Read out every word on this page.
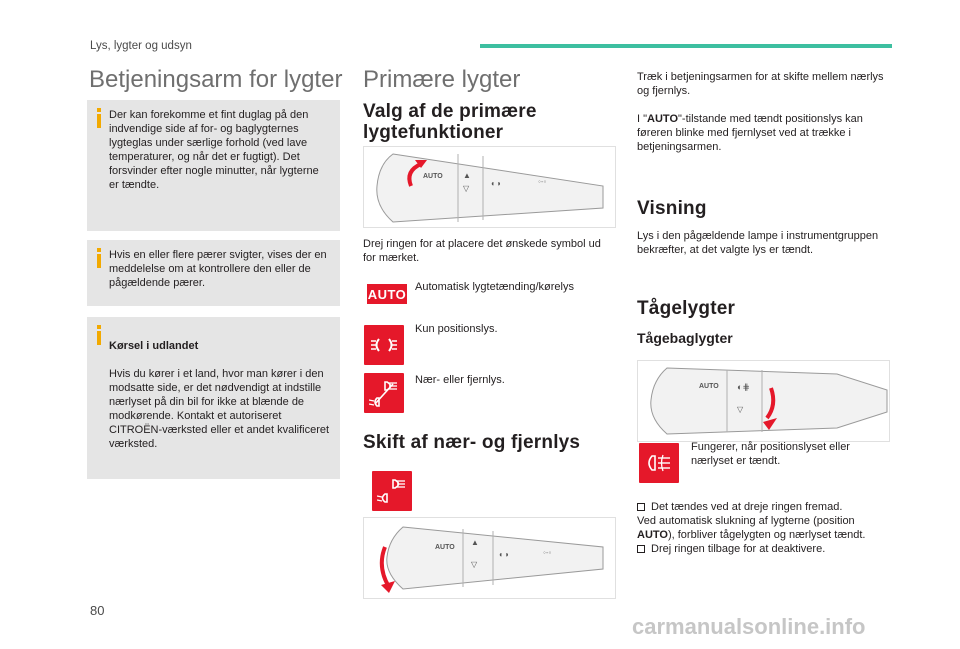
Lys, lygter og udsyn
Betjeningsarm for lygter
Der kan forekomme et fint duglag på den indvendige side af for- og baglygternes lygteglas under særlige forhold (ved lave temperaturer, og når det er fugtigt). Det forsvinder efter nogle minutter, når lygterne er tændte.
Hvis en eller flere pærer svigter, vises der en meddelelse om at kontrollere den eller de pågældende pærer.

Kørsel i udlandet

Hvis du kører i et land, hvor man kører i den modsatte side, er det nødvendigt at indstille nærlyset på din bil for ikke at blænde de modkørende. Kontakt et autoriseret CITROËN-værksted eller et andet kvalificeret værksted.

Primære lygter
Valg af de primære lygtefunktioner
AUTO	▲
▽
◐◑	◦-◦
Drej ringen for at placere det ønskede symbol ud for mærket.
AUTO Automatisk lygtetænding/kørelys
Kun positionslys.
Nær- eller fjernlys.
Skift af nær- og fjernlys
AUTO
▲
▽
◐◑	◦-◦
Træk i betjeningsarmen for at skifte mellem nærlys og fjernlys.
I "AUTO"-tilstande med tændt positionslys kan føreren blinke med fjernlyset ved at trække i betjeningsarmen.
Visning
Lys i den pågældende lampe i instrumentgruppen bekræfter, at det valgte lys er tændt.
Tågelygter
Tågebaglygter
AUTO ◐⋕
▽
Fungerer, når positionslyset eller nærlyset er tændt.
Det tændes ved at dreje ringen fremad.
Ved automatisk slukning af lygterne (position AUTO), forbliver tågelygten og nærlyset tændt.
Drej ringen tilbage for at deaktivere.
80
carmanualsonline.info
